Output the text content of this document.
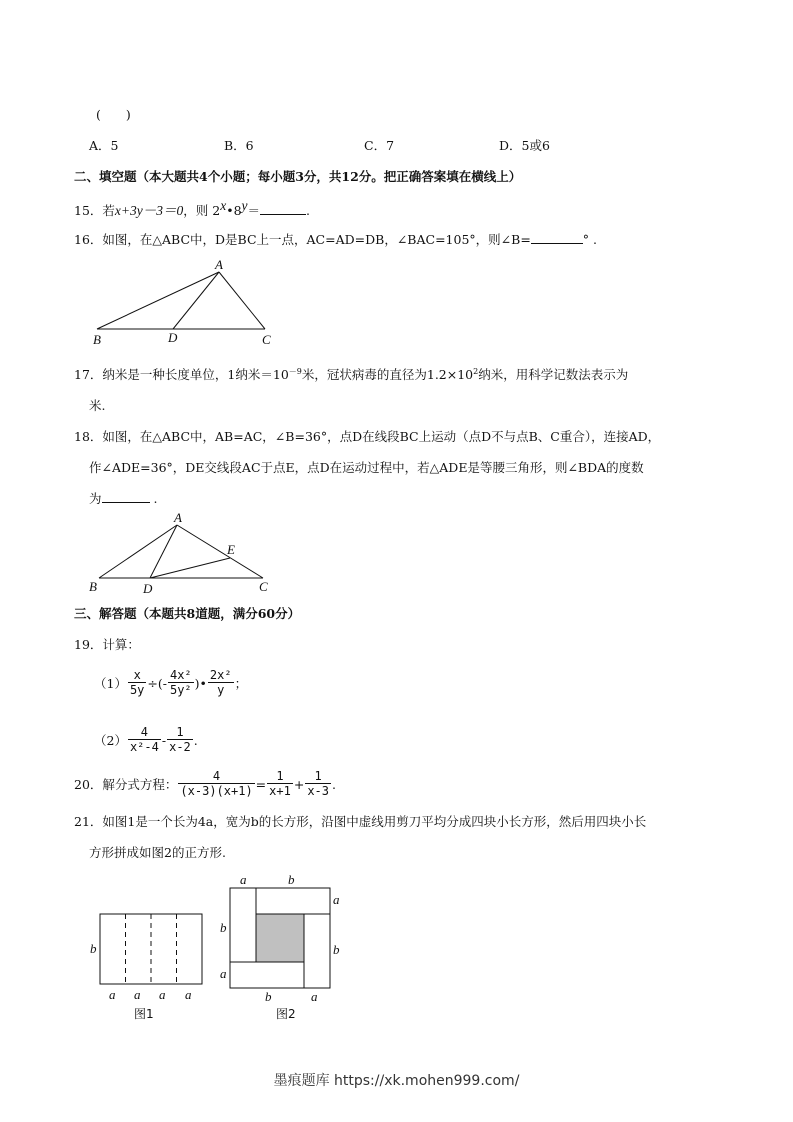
(　　)
A．5	B．6	C．7	D．5或6
二、填空题（本大题共4个小题；每小题3分，共12分。把正确答案填在横线上）
15．若x+3y－3＝0，则 $2^x•8^y=$	.
16．如图，在△ABC中，D是BC上一点，AC=AD=DB，∠BAC=105°，则∠B=	° .
A
B	C
D
17．纳米是一种长度单位，1纳米$=10^{-9}$米，冠状病毒的直径为$1.2\times 10^2$纳米，用科学记数法表示为
米.
18．如图，在△ABC中，AB=AC，∠B=36°，点D在线段BC上运动（点D不与点B、C重合），连接AD，
作∠ADE=36°，DE交线段AC于点E，点D在运动过程中，若△ADE是等腰三角形，则∠BDA的度数
为	.
A
B	C
D
E
三、解答题（本题共8道题，满分60分）
19．计算：
$(1) \frac{x}{5y}$ ÷(- $\frac{\text{4x²}}{\text{5y²}}$ )• $\frac{\text{2x²}}{y}$ ；
$(2) \frac{4}{\text{x²-4}} - \frac{1}{x-2}$ .
20． 解分式方程： $\frac{4}{(x-3)(x+1)} = \frac{1}{x+1} + \frac{1}{x-3}$ .
21．如图1是一个长为4a，宽为b的长方形，沿图中虚线用剪刀平均分成四块小长方形，然后用四块小长
方形拼成如图2的正方形.
b
a a a a
图1
a	b
a
b
b
a
b	a
图2
墨痕题库 https://xk.mohen999.com/
